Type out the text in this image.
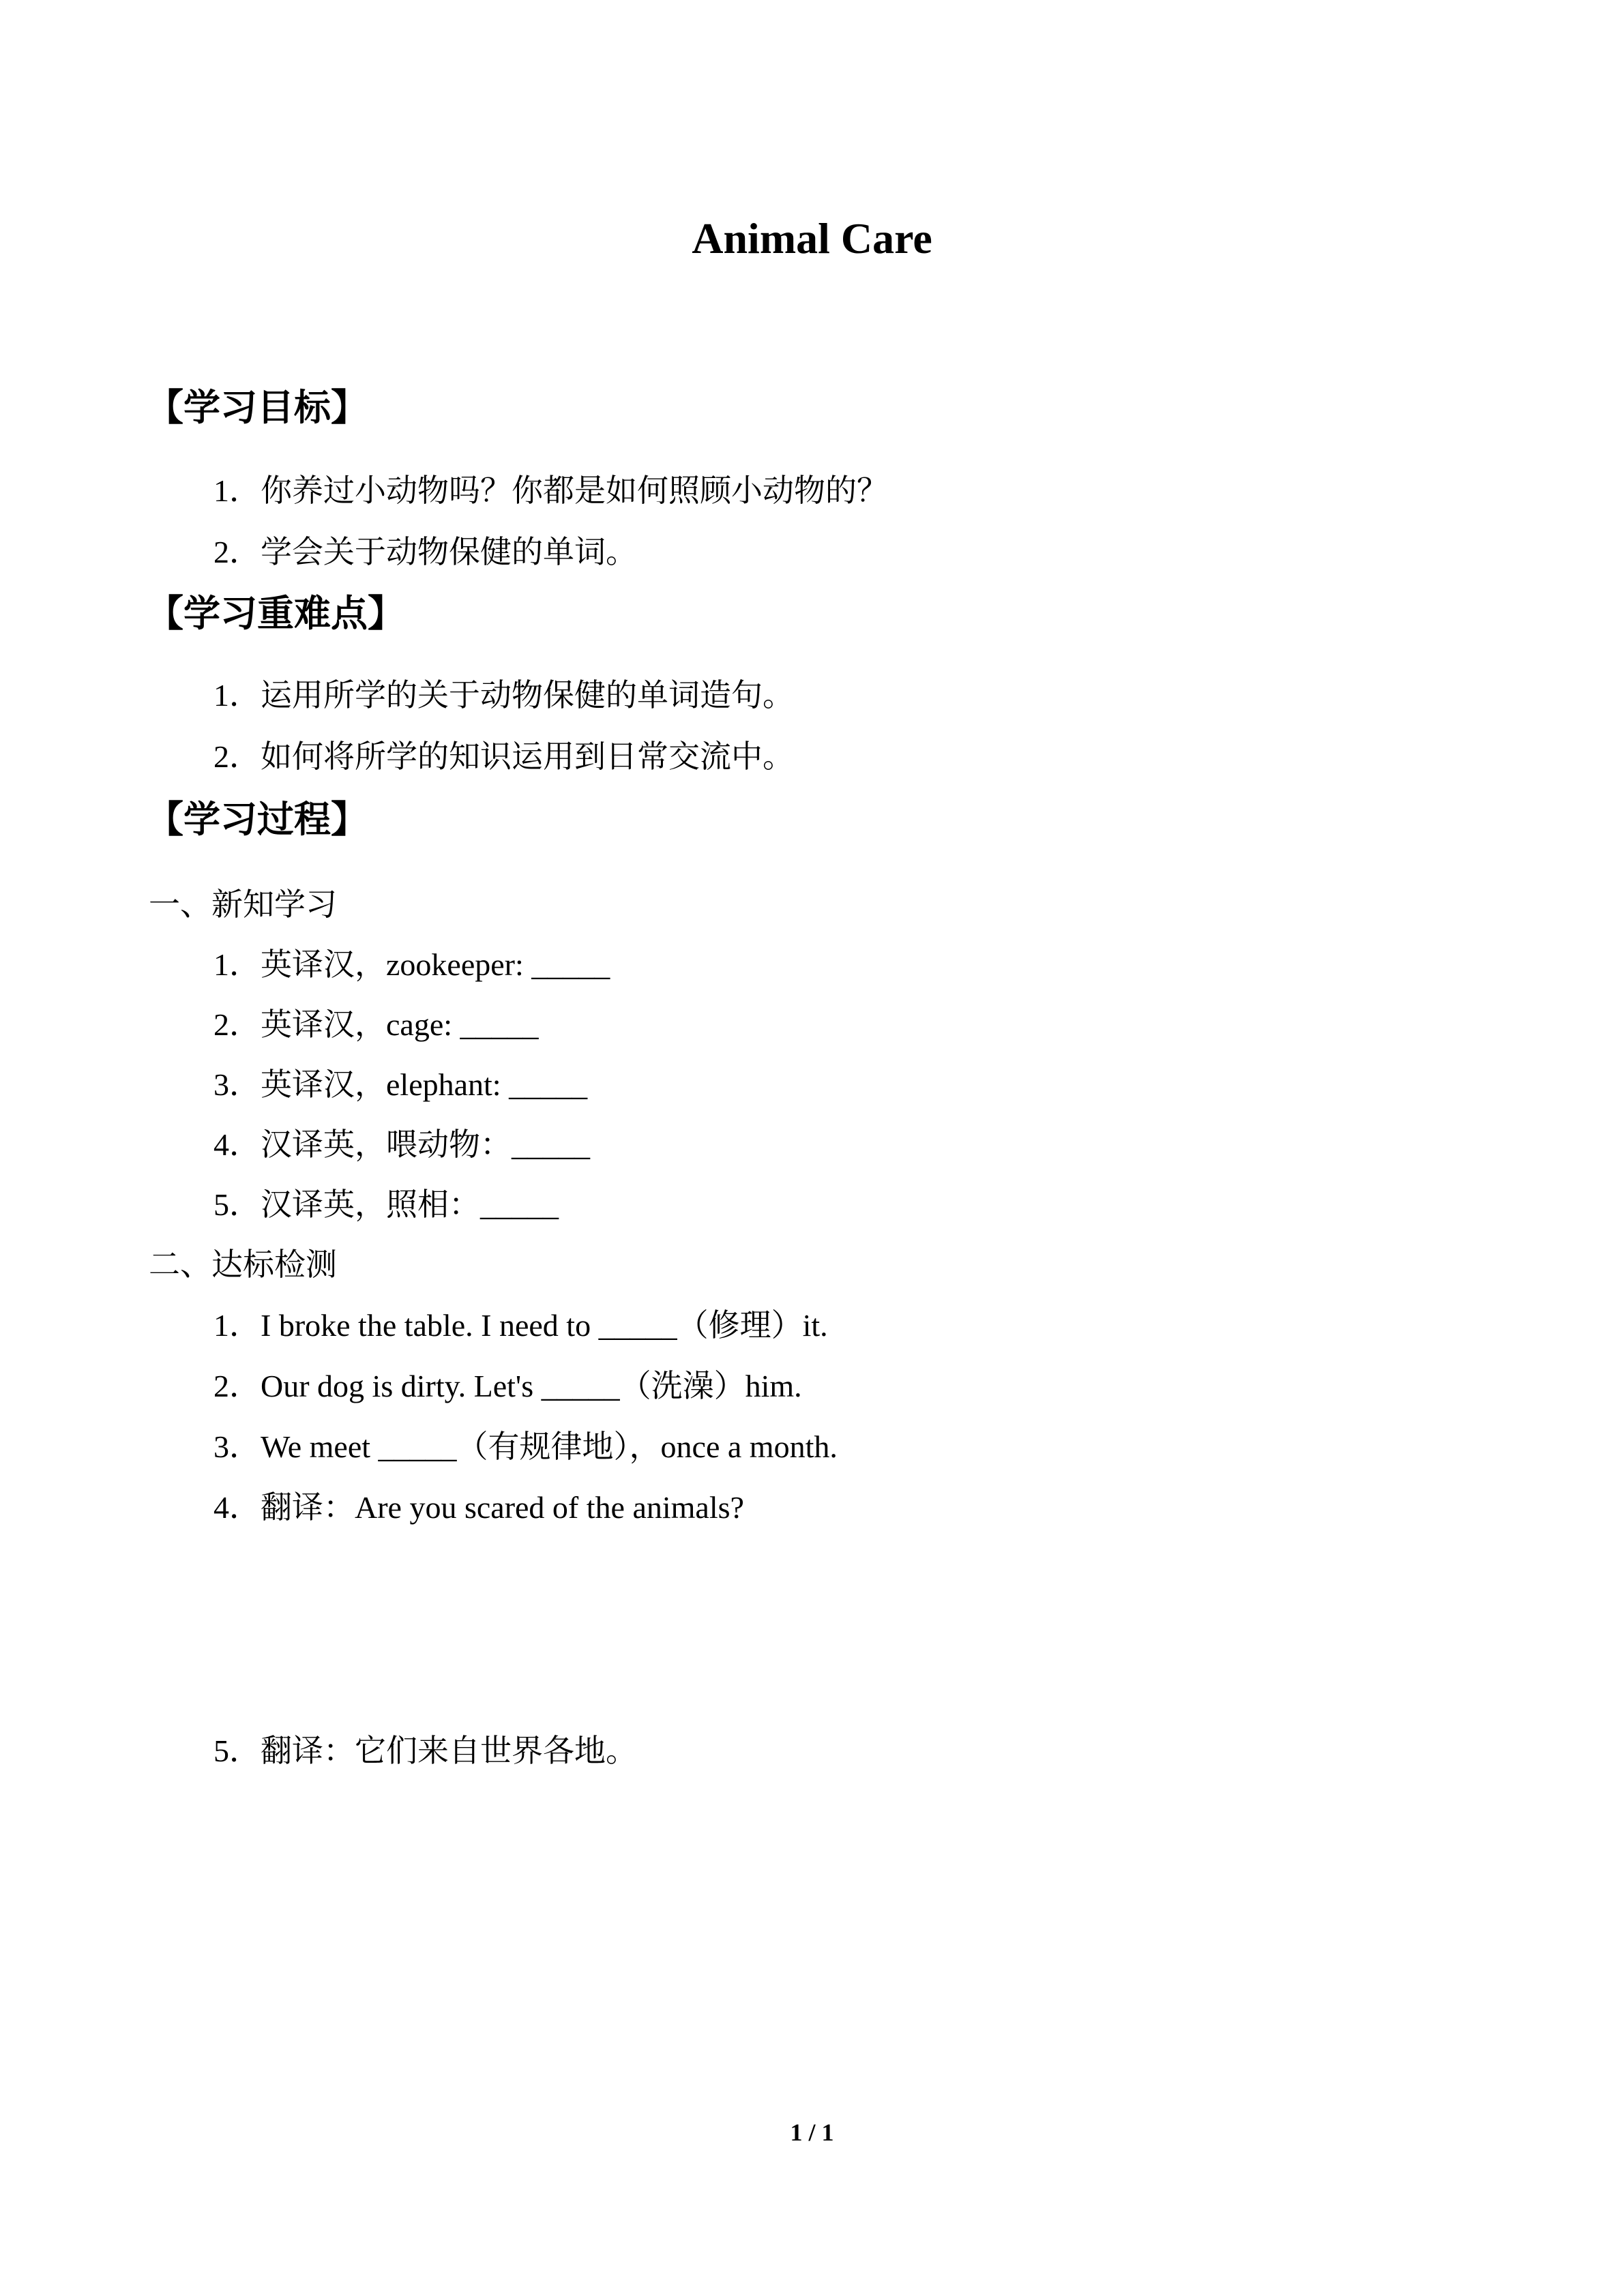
Animal Care
【学习目标】
1．你养过小动物吗？你都是如何照顾小动物的？
2．学会关于动物保健的单词。
【学习重难点】
1．运用所学的关于动物保健的单词造句。
2．如何将所学的知识运用到日常交流中。
【学习过程】
一、新知学习
1．英译汉，zookeeper: _____
2．英译汉，cage: _____
3．英译汉，elephant: _____
4．汉译英，喂动物：_____
5．汉译英，照相：_____
二、达标检测
1．I broke the table. I need to _____（修理）it.
2．Our dog is dirty. Let's _____（洗澡）him.
3．We meet _____（有规律地），once a month.
4．翻译：Are you scared of the animals?
5．翻译：它们来自世界各地。
1 / 1
